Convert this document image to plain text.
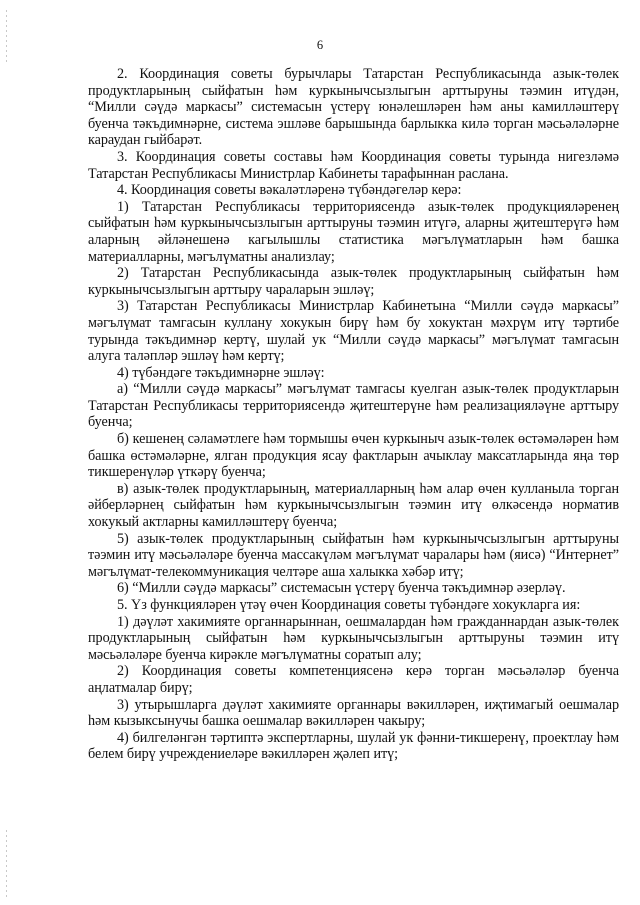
6

2. Координация советы бурычлары Татарстан Республикасында азык-төлек продуктларының сыйфатын һәм куркынычсызлыгын арттыруны тәэмин итүдән, “Милли сәүдә маркасы” системасын үстерү юнәлешләрен һәм аны камилләштерү буенча тәкъдимнәрне, система эшләве барышында барлыкка килә торган мәсьәләләрне караудан гыйбарәт.

3. Координация советы составы һәм Координация советы турында нигезләмә Татарстан Республикасы Министрлар Кабинеты тарафыннан раслана.

4. Координация советы вәкаләтләренә түбәндәгеләр керә:

1) Татарстан Республикасы территориясендә азык-төлек продукцияләренең сыйфатын һәм куркынычсызлыгын арттыруны тәэмин итүгә, аларны җитештерүгә һәм аларның әйләнешенә кагылышлы статистика мәгълүматларын һәм башка материалларны, мәгълүматны анализлау;

2) Татарстан Республикасында азык-төлек продуктларының сыйфатын һәм куркынычсызлыгын арттыру чараларын эшләү;

3) Татарстан Республикасы Министрлар Кабинетына “Милли сәүдә маркасы” мәгълүмат тамгасын куллану хокукын бирү һәм бу хокуктан мәхрүм итү тәртибе турында тәкъдимнәр кертү, шулай ук “Милли сәүдә маркасы” мәгълүмат тамгасын алуга таләпләр эшләү һәм кертү;

4) түбәндәге тәкъдимнәрне эшләү:

а) “Милли сәүдә маркасы” мәгълүмат тамгасы куелган азык-төлек продуктларын Татарстан Республикасы территориясендә җитештерүне һәм реализацияләүне арттыру буенча;

б) кешенең сәламәтлеге һәм тормышы өчен куркыныч азык-төлек өстәмәләрен һәм башка өстәмәләрне, ялган продукция ясау фактларын ачыклау максатларында яңа төр тикшеренүләр үткәрү буенча;

в) азык-төлек продуктларының, материалларның һәм алар өчен кулланыла торган әйберләрнең сыйфатын һәм куркынычсызлыгын тәэмин итү өлкәсендә норматив хокукый актларны камилләштерү буенча;

5) азык-төлек продуктларының сыйфатын һәм куркынычсызлыгын арттыруны тәэмин итү мәсьәләләре буенча массакүләм мәгълүмат чаралары һәм (яисә) “Интернет” мәгълүмат-телекоммуникация челтәре аша халыкка хәбәр итү;

6) “Милли сәүдә маркасы” системасын үстерү буенча тәкъдимнәр әзерләү.

5. Үз функцияләрен үтәү өчен Координация советы түбәндәге хокукларга ия:

1) дәүләт хакимияте органнарыннан, оешмалардан һәм гражданнардан азык-төлек продуктларының сыйфатын һәм куркынычсызлыгын арттыруны тәэмин итү мәсьәләләре буенча кирәкле мәгълүматны соратып алу;

2) Координация советы компетенциясенә керә торган мәсьәләләр буенча аңлатмалар бирү;

3) утырышларга дәүләт хакимияте органнары вәкилләрен, иҗтимагый оешмалар һәм кызыксынучы башка оешмалар вәкилләрен чакыру;

4) билгеләнгән тәртиптә экспертларны, шулай ук фәнни-тикшеренү, проектлау һәм белем бирү учреждениеләре вәкилләрен җәлеп итү;
